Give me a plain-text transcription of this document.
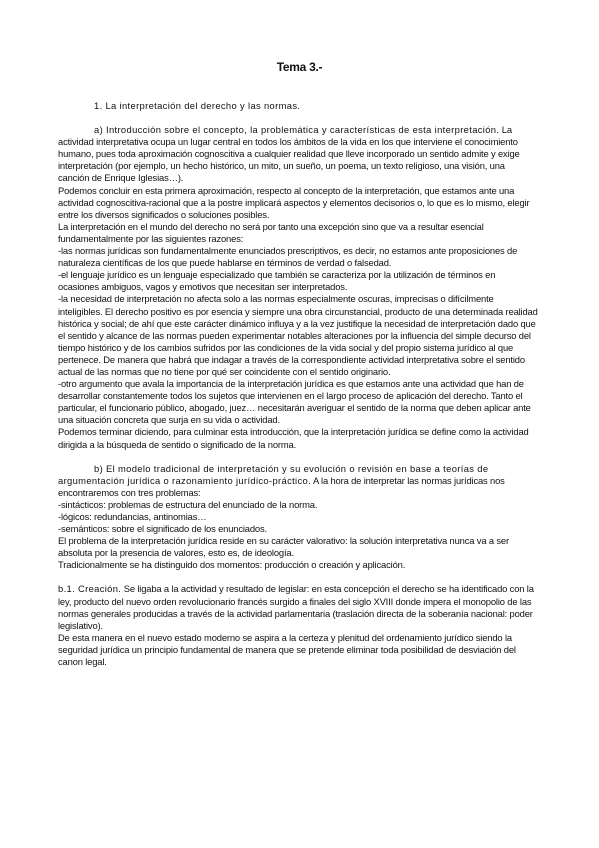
Tema 3.-

1. La interpretación del derecho y las normas.

a) Introducción sobre el concepto, la problemática y características de esta interpretación. La actividad interpretativa ocupa un lugar central en todos los ámbitos de la vida en los que interviene el conocimiento humano, pues toda aproximación cognoscitiva a cualquier realidad que lleve incorporado un sentido admite y exige interpretación (por ejemplo, un hecho histórico, un mito, un sueño, un poema, un texto religioso, una visión, una canción de Enrique Iglesias…).

Podemos concluir en esta primera aproximación, respecto al concepto de la interpretación, que estamos ante una actividad cognoscitiva-racional que a la postre implicará aspectos y elementos decisorios o, lo que es lo mismo, elegir entre los diversos significados o soluciones posibles.

La interpretación en el mundo del derecho no será por tanto una excepción sino que va a resultar esencial fundamentalmente por las siguientes razones:

-las normas jurídicas son fundamentalmente enunciados prescriptivos, es decir, no estamos ante proposiciones de naturaleza científicas de los que puede hablarse en términos de verdad o falsedad.

-el lenguaje jurídico es un lenguaje especializado que también se caracteriza por la utilización de términos en ocasiones ambiguos, vagos y emotivos que necesitan ser interpretados.

-la necesidad de interpretación no afecta solo a las normas especialmente oscuras, imprecisas o difícilmente inteligibles. El derecho positivo es por esencia y siempre una obra circunstancial, producto de una determinada realidad histórica y social; de ahí que este carácter dinámico influya y a la vez justifique la necesidad de interpretación dado que el sentido y alcance de las normas pueden experimentar notables alteraciones por la influencia del simple decurso del tiempo histórico y de los cambios sufridos por las condiciones de la vida social y del propio sistema jurídico al que pertenece. De manera que habrá que indagar a través de la correspondiente actividad interpretativa sobre el sentido actual de las normas que no tiene por qué ser coincidente con el sentido originario.

-otro argumento que avala la importancia de la interpretación jurídica es que estamos ante una actividad que han de desarrollar constantemente todos los sujetos que intervienen en el largo proceso de aplicación del derecho. Tanto el particular, el funcionario público, abogado, juez… necesitarán averiguar el sentido de la norma que deben aplicar ante una situación concreta que surja en su vida o actividad.

Podemos terminar diciendo, para culminar esta introducción, que la interpretación jurídica se define como la actividad dirigida a la búsqueda de sentido o significado de la norma.

b) El modelo tradicional de interpretación y su evolución o revisión en base a teorías de argumentación jurídica o razonamiento jurídico-práctico. A la hora de interpretar las normas jurídicas nos encontraremos con tres problemas:

-sintácticos: problemas de estructura del enunciado de la norma.

-lógicos: redundancias, antinomias…

-semánticos: sobre el significado de los enunciados.

El problema de la interpretación jurídica reside en su carácter valorativo: la solución interpretativa nunca va a ser absoluta por la presencia de valores, esto es, de ideología.

Tradicionalmente se ha distinguido dos momentos: producción o creación y aplicación.

b.1. Creación. Se ligaba a la actividad y resultado de legislar: en esta concepción el derecho se ha identificado con la ley, producto del nuevo orden revolucionario francés surgido a finales del siglo XVIII donde impera el monopolio de las normas generales producidas a través de la actividad parlamentaria (traslación directa de la soberanía nacional: poder legislativo).

De esta manera en el nuevo estado moderno se aspira a la certeza y plenitud del ordenamiento jurídico siendo la seguridad jurídica un principio fundamental de manera que se pretende eliminar toda posibilidad de desviación del canon legal.
